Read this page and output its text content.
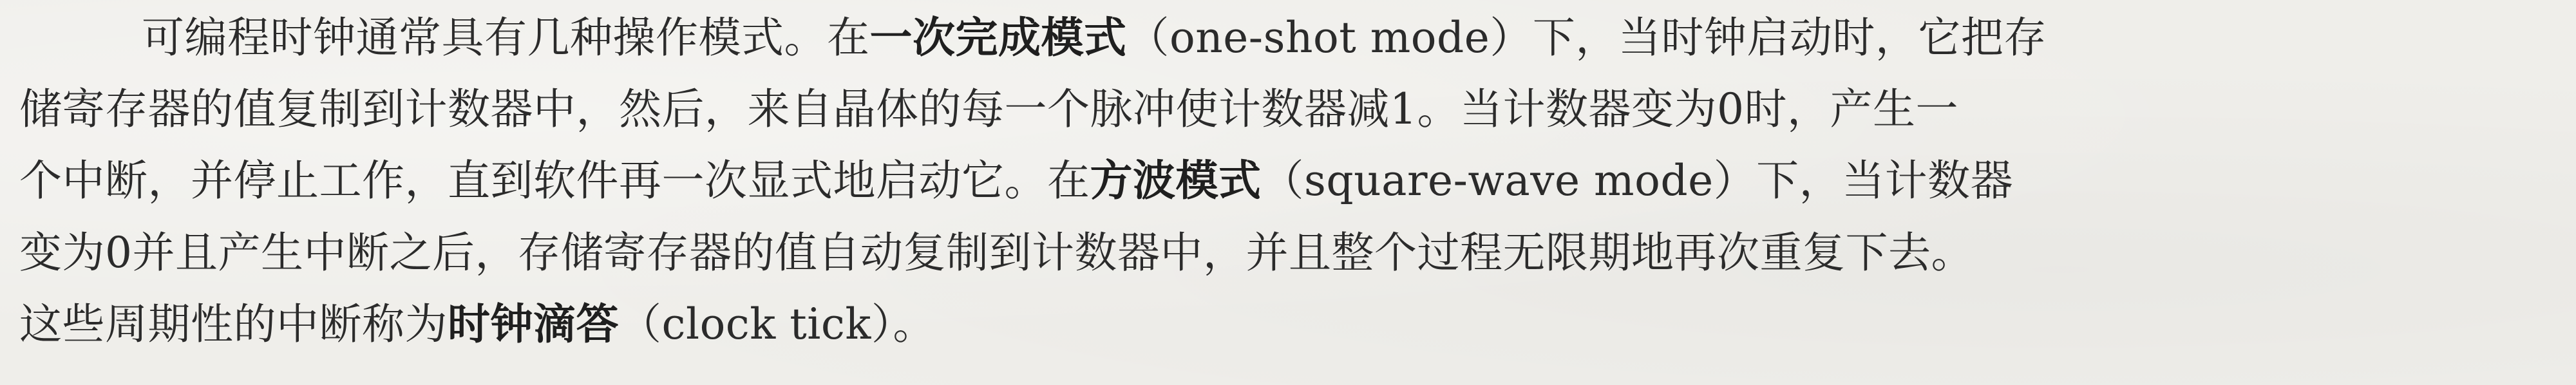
可编程时钟通常具有几种操作模式。在一次完成模式（one-shot mode）下，当时钟启动时，它把存
储寄存器的值复制到计数器中，然后，来自晶体的每一个脉冲使计数器减1。当计数器变为0时，产生一
个中断，并停止工作，直到软件再一次显式地启动它。在方波模式（square-wave mode）下，当计数器
变为0并且产生中断之后，存储寄存器的值自动复制到计数器中，并且整个过程无限期地再次重复下去。
这些周期性的中断称为时钟滴答（clock tick）。
